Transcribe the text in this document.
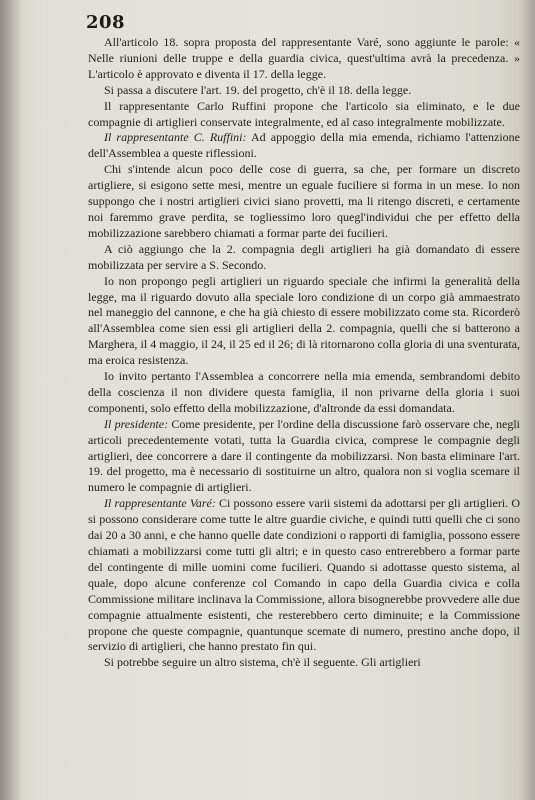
208

All'articolo 18. sopra proposta del rappresentante Varé, sono aggiunte le parole: « Nelle riunioni delle truppe e della guardia civica, quest'ultima avrà la precedenza. » L'articolo è approvato e diventa il 17. della legge.

Si passa a discutere l'art. 19. del progetto, ch'è il 18. della legge.

Il rappresentante Carlo Ruffini propone che l'articolo sia eliminato, e le due compagnie di artiglieri conservate integralmente, ed al caso integralmente mobilizzate.

Il rappresentante C. Ruffini: Ad appoggio della mia emenda, richiamo l'attenzione dell'Assemblea a queste riflessioni.

Chi s'intende alcun poco delle cose di guerra, sa che, per formare un discreto artigliere, si esigono sette mesi, mentre un eguale fuciliere si forma in un mese. Io non suppongo che i nostri artiglieri civici siano provetti, ma li ritengo discreti, e certamente noi faremmo grave perdita, se togliessimo loro quegl'individui che per effetto della mobilizzazione sarebbero chiamati a formar parte dei fucilieri.

A ciò aggiungo che la 2. compagnia degli artiglieri ha già domandato di essere mobilizzata per servire a S. Secondo.

Io non propongo pegli artiglieri un riguardo speciale che infirmi la generalità della legge, ma il riguardo dovuto alla speciale loro condizione di un corpo già ammaestrato nel maneggio del cannone, e che ha già chiesto di essere mobilizzato come sta. Ricorderò all'Assemblea come sien essi gli artiglieri della 2. compagnia, quelli che si batterono a Marghera, il 4 maggio, il 24, il 25 ed il 26; di là ritornarono colla gloria di una sventurata, ma eroica resistenza.

Io invito pertanto l'Assemblea a concorrere nella mia emenda, sembrandomi debito della coscienza il non dividere questa famiglia, il non privarne della gloria i suoi componenti, solo effetto della mobilizzazione, d'altronde da essi domandata.

Il presidente: Come presidente, per l'ordine della discussione farò osservare che, negli articoli precedentemente votati, tutta la Guardia civica, comprese le compagnie degli artiglieri, dee concorrere a dare il contingente da mobilizzarsi. Non basta eliminare l'art. 19. del progetto, ma è necessario di sostituirne un altro, qualora non si voglia scemare il numero le compagnie di artiglieri.

Il rappresentante Varé: Ci possono essere varii sistemi da adottarsi per gli artiglieri. O si possono considerare come tutte le altre guardie civiche, e quindi tutti quelli che ci sono dai 20 a 30 anni, e che hanno quelle date condizioni o rapporti di famiglia, possono essere chiamati a mobilizzarsi come tutti gli altri; e in questo caso entrerebbero a formar parte del contingente di mille uomini come fucilieri. Quando si adottasse questo sistema, al quale, dopo alcune conferenze col Comando in capo della Guardia civica e colla Commissione militare inclinava la Commissione, allora bisognerebbe provvedere alle due compagnie attualmente esistenti, che resterebbero certo diminuite; e la Commissione propone che queste compagnie, quantunque scemate di numero, prestino anche dopo, il servizio di artiglieri, che hanno prestato fin qui.

Si potrebbe seguire un altro sistema, ch'è il seguente. Gli artiglieri
